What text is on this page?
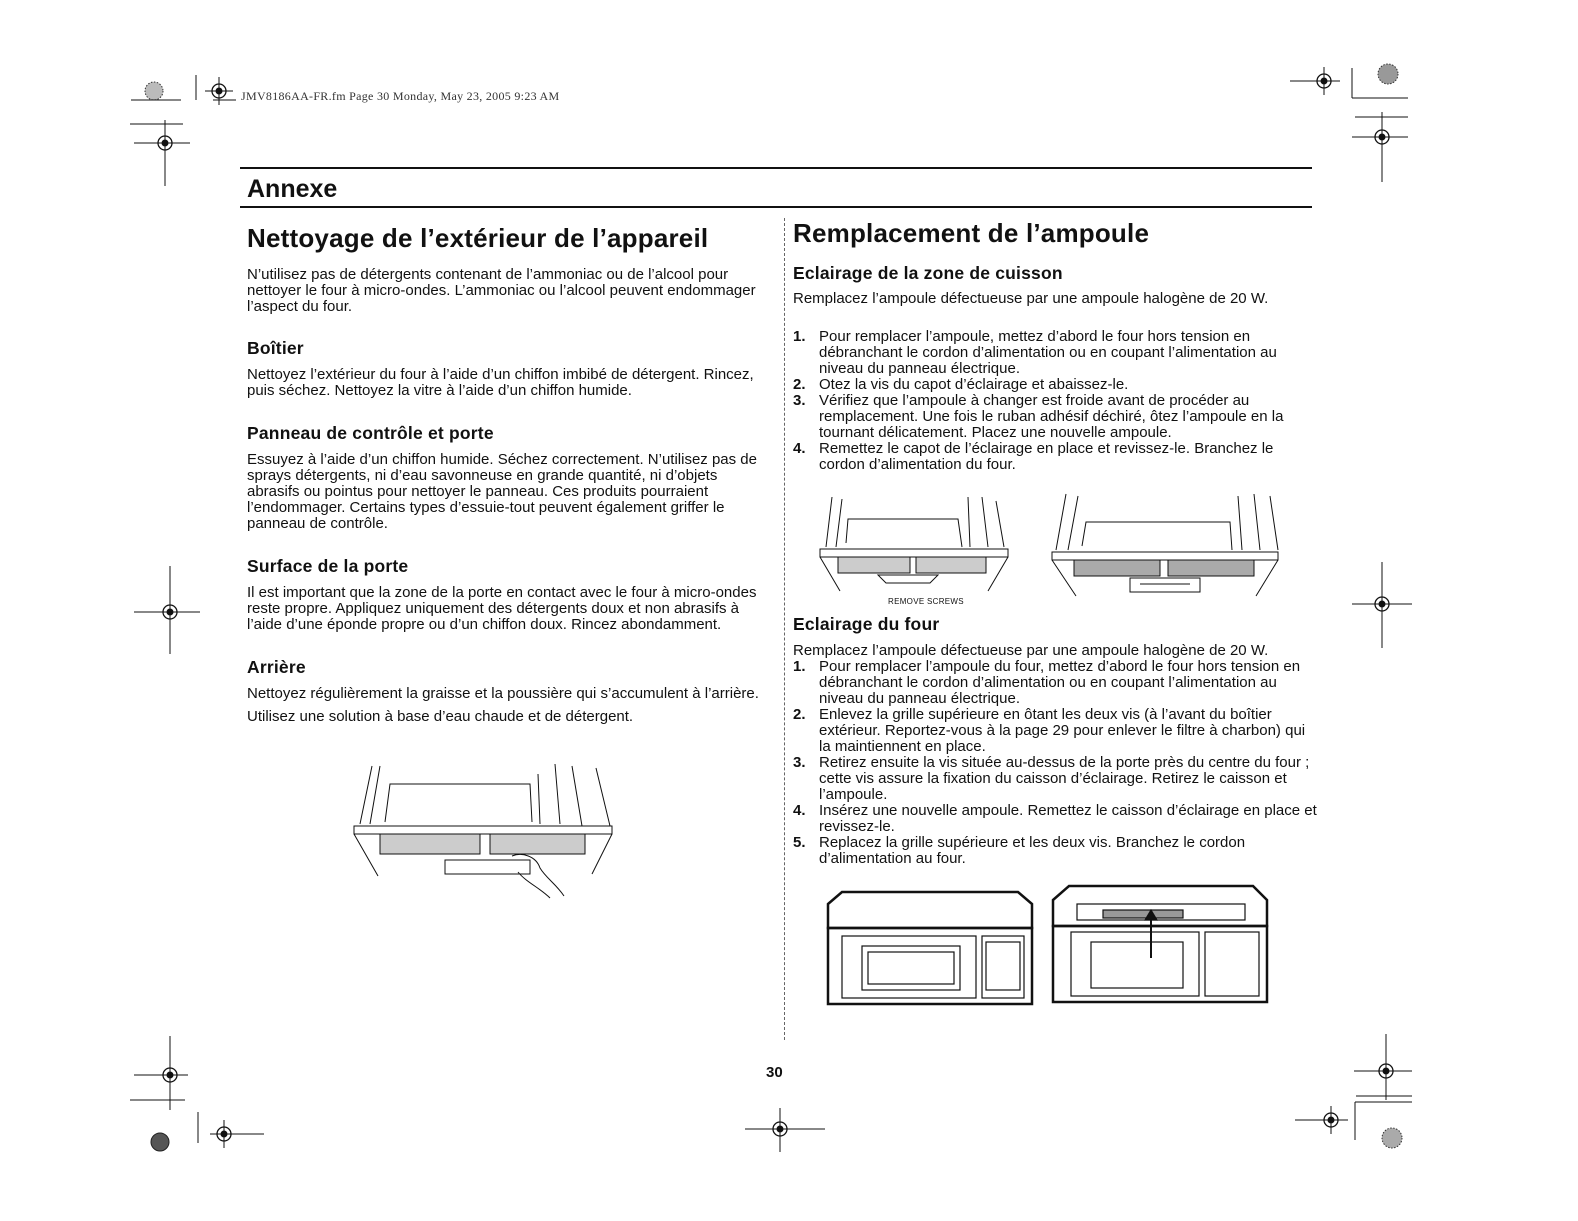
JMV8186AA-FR.fm Page 30 Monday, May 23, 2005 9:23 AM
Annexe
Nettoyage de l’extérieur de l’appareil

N’utilisez pas de détergents contenant de l’ammoniac ou de l’alcool pour nettoyer le four à micro-ondes. L’ammoniac ou l’alcool peuvent endommager l’aspect du four.

Boîtier

Nettoyez l’extérieur du four à l’aide d’un chiffon imbibé de détergent. Rincez, puis séchez. Nettoyez la vitre à l’aide d’un chiffon humide.

Panneau de contrôle et porte

Essuyez à l’aide d’un chiffon humide. Séchez correctement. N’utilisez pas de sprays détergents, ni d’eau savonneuse en grande quantité, ni d’objets abrasifs ou pointus pour nettoyer le panneau. Ces produits pourraient l’endommager. Certains types d’essuie-tout peuvent également griffer le panneau de contrôle.

Surface de la porte

Il est important que la zone de la porte en contact avec le four à micro-ondes reste propre. Appliquez uniquement des détergents doux et non abrasifs à l’aide d’une éponde propre ou d’un chiffon doux. Rincez abondamment.

Arrière

Nettoyez régulièrement la graisse et la poussière qui s’accumulent à l’arrière.

Utilisez une solution à base d’eau chaude et de détergent.

Remplacement de l’ampoule
Eclairage de la zone de cuisson

Remplacez l’ampoule défectueuse par une ampoule halogène de 20 W.

1. Pour remplacer l’ampoule, mettez d’abord le four hors tension en débranchant le cordon d’alimentation ou en coupant l’alimentation au niveau du panneau électrique.
2. Otez la vis du capot d’éclairage et abaissez-le.
3. Vérifiez que l’ampoule à changer est froide avant de procéder au remplacement. Une fois le ruban adhésif déchiré, ôtez l’ampoule en la tournant délicatement. Placez une nouvelle ampoule.
4. Remettez le capot de l’éclairage en place et revissez-le. Branchez le cordon d’alimentation du four.
REMOVE SCREWS
Eclairage du four

Remplacez l’ampoule défectueuse par une ampoule halogène de 20 W.

1. Pour remplacer l’ampoule du four, mettez d’abord le four hors tension en débranchant le cordon d’alimentation ou en coupant l’alimentation au niveau du panneau électrique.
2. Enlevez la grille supérieure en ôtant les deux vis (à l’avant du boîtier extérieur. Reportez-vous à la page 29 pour enlever le filtre à charbon) qui la maintiennent en place.
3. Retirez ensuite la vis située au-dessus de la porte près du centre du four ; cette vis assure la fixation du caisson d’éclairage. Retirez le caisson et l’ampoule.
4. Insérez une nouvelle ampoule. Remettez le caisson d’éclairage en place et revissez-le.
5. Replacez la grille supérieure et les deux vis. Branchez le cordon d’alimentation au four.
30
